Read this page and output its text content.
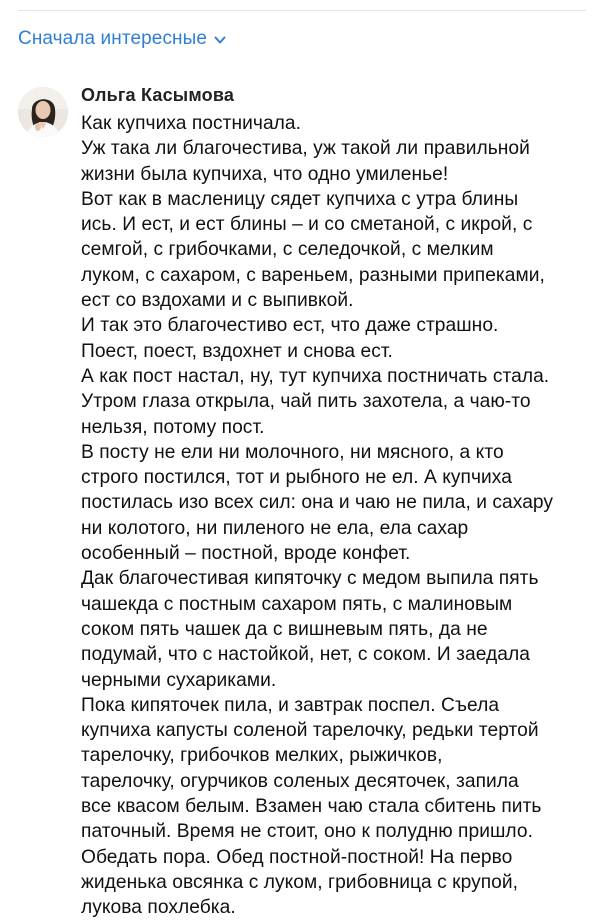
Сначала интересные
Ольга Касымова
Как купчиха постничала.
Уж така ли благочестива, уж такой ли правильной
жизни была купчиха, что одно умиленье!
Вот как в масленицу сядет купчиха с утра блины
ись. И ест, и ест блины – и со сметаной, с икрой, с
семгой, с грибочками, с селедочкой, с мелким
луком, с сахаром, с вареньем, разными припеками,
ест со вздохами и с выпивкой.
И так это благочестиво ест, что даже страшно.
Поест, поест, вздохнет и снова ест.
А как пост настал, ну, тут купчиха постничать стала.
Утром глаза открыла, чай пить захотела, а чаю-то
нельзя, потому пост.
В посту не ели ни молочного, ни мясного, а кто
строго постился, тот и рыбного не ел. А купчиха
постилась изо всех сил: она и чаю не пила, и сахару
ни колотого, ни пиленого не ела, ела сахар
особенный – постной, вроде конфет.
Дак благочестивая кипяточку с медом выпила пять
чашекда с постным сахаром пять, с малиновым
соком пять чашек да с вишневым пять, да не
подумай, что с настойкой, нет, с соком. И заедала
черными сухариками.
Пока кипяточек пила, и завтрак поспел. Съела
купчиха капусты соленой тарелочку, редьки тертой
тарелочку, грибочков мелких, рыжичков,
тарелочку, огурчиков соленых десяточек, запила
все квасом белым. Взамен чаю стала сбитень пить
паточный. Время не стоит, оно к полудню пришло.
Обедать пора. Обед постной-постной! На перво
жиденька овсянка с луком, грибовница с крупой,
лукова похлебка.
